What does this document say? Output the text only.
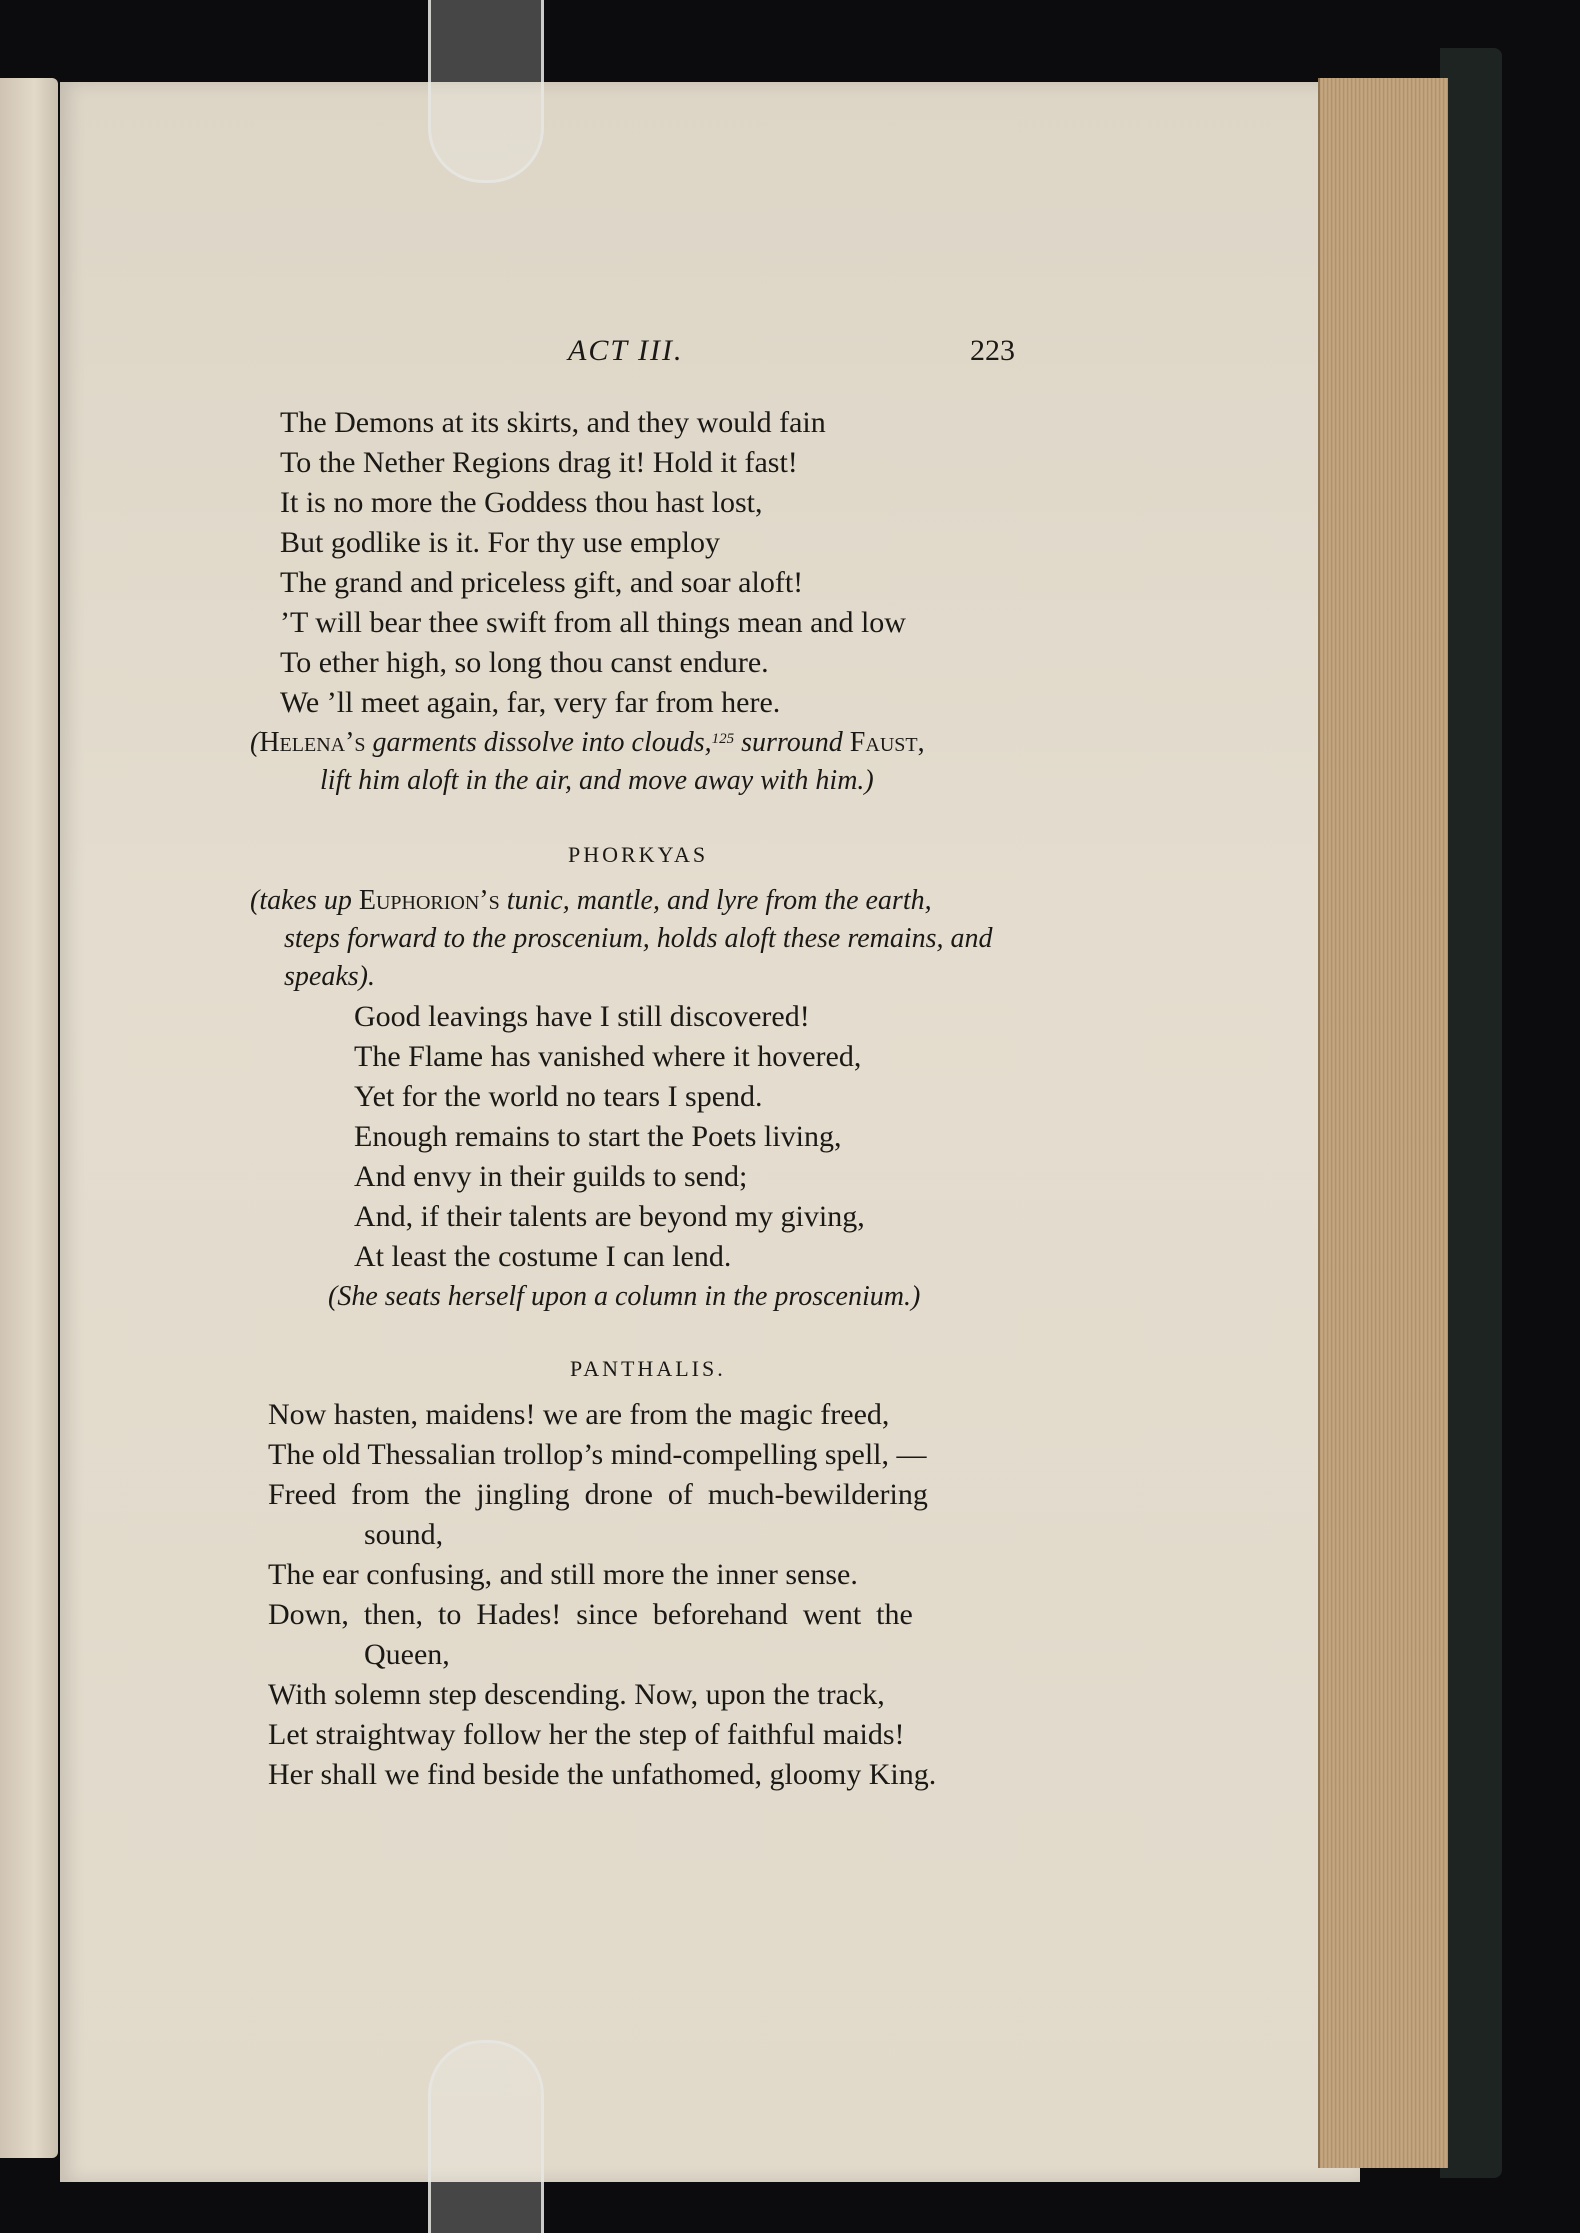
ACT III.	223
The Demons at its skirts, and they would fain
To the Nether Regions drag it! Hold it fast!
It is no more the Goddess thou hast lost,
But godlike is it. For thy use employ
The grand and priceless gift, and soar aloft!
’T will bear thee swift from all things mean and low
To ether high, so long thou canst endure.
We ’ll meet again, far, very far from here.
(Helena’s garments dissolve into clouds,$^{125}$ surround Faust,
lift him aloft in the air, and move away with him.)
PHORKYAS
(takes up Euphorion’s tunic, mantle, and lyre from the earth,
steps forward to the proscenium, holds aloft these remains, and
speaks).
Good leavings have I still discovered!
The Flame has vanished where it hovered,
Yet for the world no tears I spend.
Enough remains to start the Poets living,
And envy in their guilds to send;
And, if their talents are beyond my giving,
At least the costume I can lend.
(She seats herself upon a column in the proscenium.)
PANTHALIS.
Now hasten, maidens! we are from the magic freed,
The old Thessalian trollop’s mind-compelling spell, —
Freed  from  the  jingling  drone  of  much-bewildering
sound,
The ear confusing, and still more the inner sense.
Down,  then,  to  Hades!  since  beforehand  went  the
Queen,
With solemn step descending. Now, upon the track,
Let straightway follow her the step of faithful maids!
Her shall we find beside the unfathomed, gloomy King.
